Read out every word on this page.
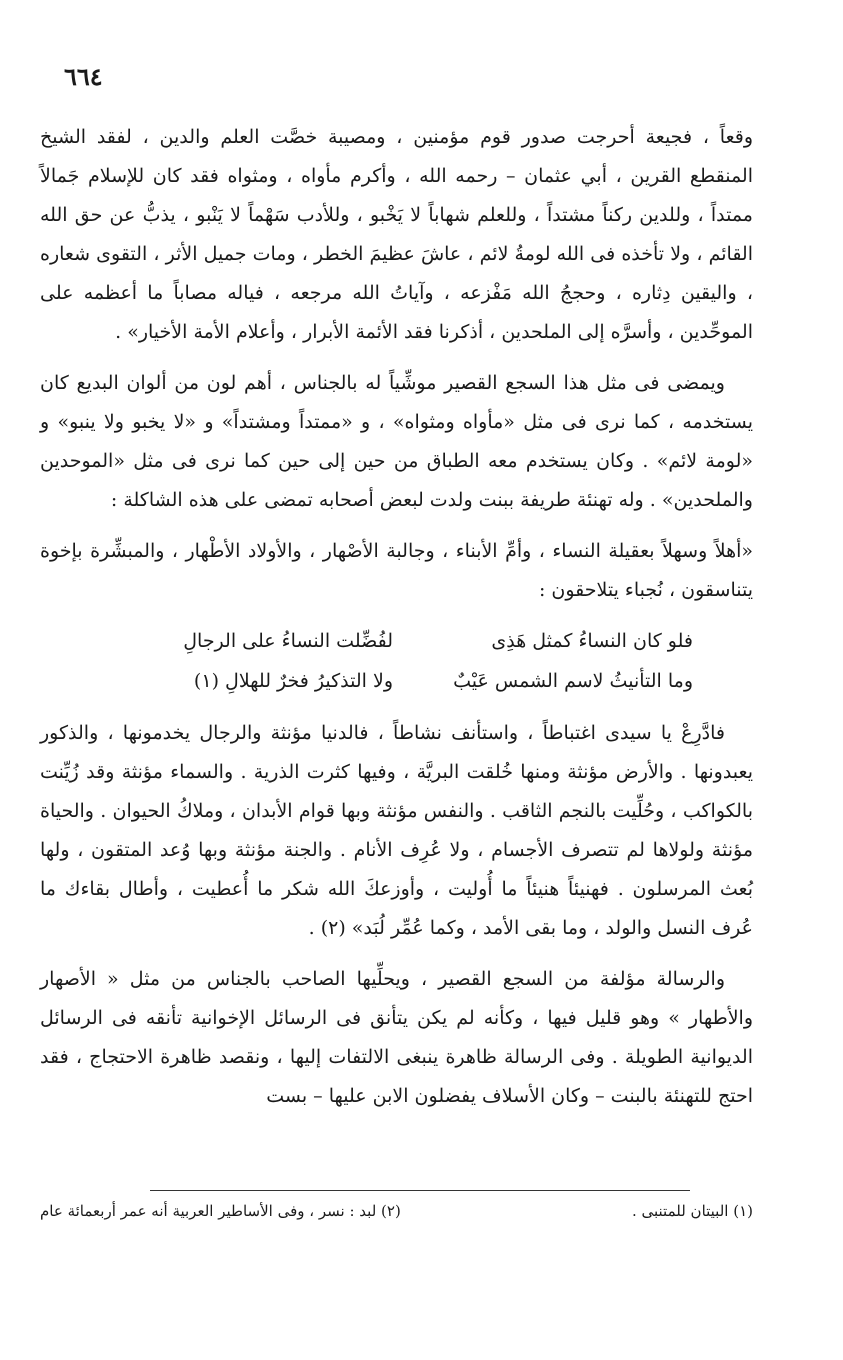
٦٦٤

وقعاً ، فجيعة أحرجت صدور قوم مؤمنين ، ومصيبة خصَّت العلم والدين ، لفقد الشيخ المنقطع القرين ، أبي عثمان – رحمه الله ، وأكرم مأواه ، ومثواه فقد كان للإسلام جَمالاً ممتداً ، وللدين ركناً مشتداً ، وللعلم شهاباً لا يَخْبو ، وللأدب سَهْماً لا يَنْبو ، يذبُّ عن حق الله القائم ، ولا تأخذه فى الله لومةُ لائم ، عاشَ عظيمَ الخطر ، ومات جميل الأثر ، التقوى شعاره ، واليقين دِثاره ، وحججُ الله مَفْزعه ، وآياتُ الله مرجعه ، فياله مصاباً ما أعظمه على الموحِّدين ، وأسرَّه إلى الملحدين ، أذكرنا فقد الأئمة الأبرار ، وأعلام الأمة الأخيار» .

ويمضى فى مثل هذا السجع القصير موشِّياً له بالجناس ، أهم لون من ألوان البديع كان يستخدمه ، كما نرى فى مثل «مأواه ومثواه» ، و «ممتداً ومشتداً» و «لا يخبو ولا ينبو» و «لومة لائم» . وكان يستخدم معه الطباق من حين إلى حين كما نرى فى مثل «الموحدين والملحدين» . وله تهنئة طريفة ببنت ولدت لبعض أصحابه تمضى على هذه الشاكلة :

«أهلاً وسهلاً بعقيلة النساء ، وأمِّ الأبناء ، وجالبة الأصْهار ، والأولاد الأطْهار ، والمبشِّرة بإخوة يتناسقون ، نُجباء يتلاحقون :

فلو كان النساءُ كمثل هَذِى
لفُضِّلت النساءُ على الرجالِ
وما التأنيثُ لاسم الشمس عَيْبٌ
ولا التذكيرُ فخرٌ للهلالِ (١)

فادَّرِعْ يا سيدى اغتباطاً ، واستأنف نشاطاً ، فالدنيا مؤنثة والرجال يخدمونها ، والذكور يعبدونها . والأرض مؤنثة ومنها خُلقت البريَّة ، وفيها كثرت الذرية . والسماء مؤنثة وقد زُيِّنت بالكواكب ، وحُلِّيت بالنجم الثاقب . والنفس مؤنثة وبها قوام الأبدان ، وملاكُ الحيوان . والحياة مؤنثة ولولاها لم تتصرف الأجسام ، ولا عُرِف الأنام . والجنة مؤنثة وبها وُعد المتقون ، ولها بُعث المرسلون . فهنيئاً هنيئاً ما أُوليت ، وأوزعكَ الله شكر ما أُعطيت ، وأطال بقاءك ما عُرف النسل والولد ، وما بقى الأمد ، وكما عُمِّر لُبَد» (٢) .

والرسالة مؤلفة من السجع القصير ، ويحلِّيها الصاحب بالجناس من مثل « الأصهار والأطهار » وهو قليل فيها ، وكأنه لم يكن يتأنق فى الرسائل الإخوانية تأنقه فى الرسائل الديوانية الطويلة . وفى الرسالة ظاهرة ينبغى الالتفات إليها ، ونقصد ظاهرة الاحتجاج ، فقد احتج للتهنئة بالبنت – وكان الأسلاف يفضلون الابن عليها – بست

(١) البيتان للمتنبى .
(٢) لبد : نسر ، وفى الأساطير العربية أنه عمر أربعمائة عام
